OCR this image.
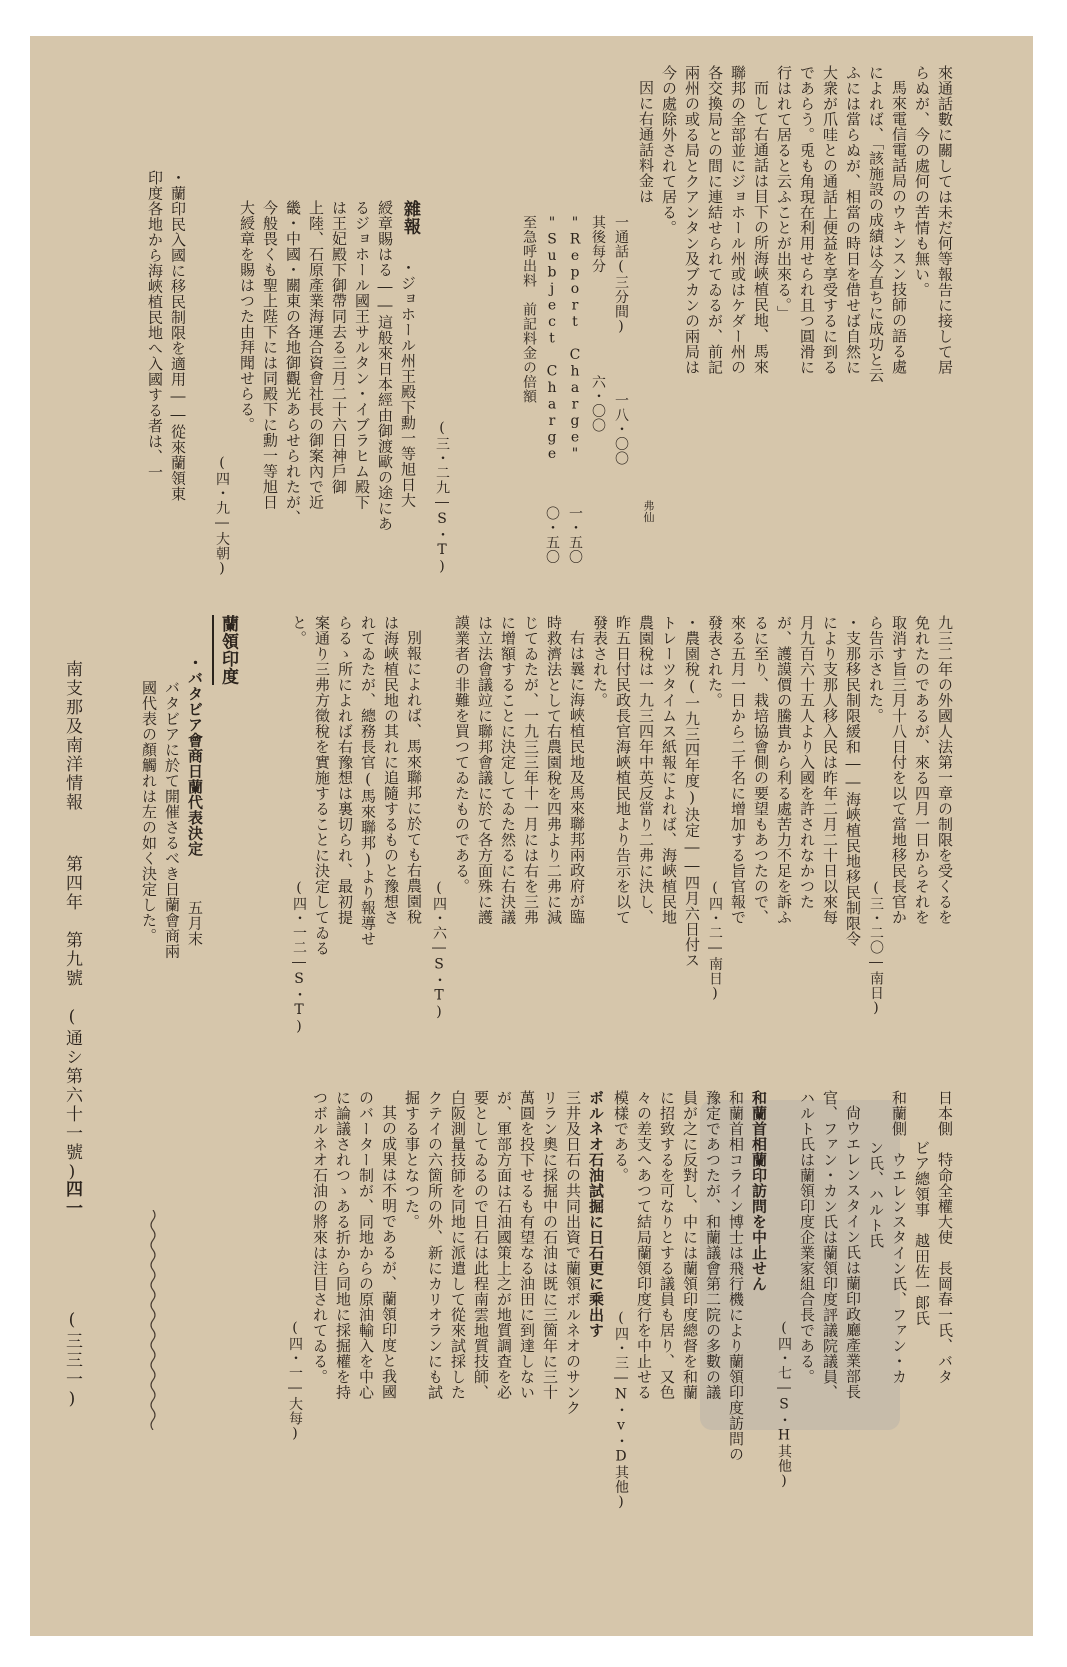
南支那及南洋情報
第四年　第九號　(通シ第六十一號)
四一
(三三一)
來通話數に關しては未だ何等報告に接して居
らぬが、今の處何の苦情も無い。
馬來電信電話局のウキンスン技師の語る處
によれば、「該施設の成績は今直ちに成功と云
ふには當らぬが、相當の時日を借せば自然に
大衆が爪哇との通話上便益を享受するに到る
であらう。兎も角現在利用せられ且つ圓滑に
行はれて居ると云ふことが出來る。」
而して右通話は目下の所海峽植民地、馬來
聯邦の全部並にジョホール州或はケダー州の
各交換局との間に連結せられてゐるが、前記
兩州の或る局とクアンタン及ブカンの兩局は
今の處除外されて居る。
因に右通話料金は
一通話(三分間)　　　　一八・〇〇
其後每分　　　　　　　六・〇〇
"Report Charge"　　　一・五〇
"Subject Charge　　　〇・五〇
至急呼出料　前記料金の倍額
弗仙
(三・二九―S・T)
雜報
・ジョホール州王殿下勳一等旭日大
綬章賜はる――這般來日本經由御渡歐の途にあ
るジョホール國王サルタン・イブラヒム殿下
は王妃殿下御帶同去る三月二十六日神戶御
上陸、石原產業海運合資會社長の御案內で近
畿・中國・關東の各地御觀光あらせられたが、
今般畏くも聖上陛下には同殿下に勳一等旭日
大綬章を賜はつた由拜聞せらる。
(四・九―大朝)
・蘭印民入國に移民制限を適用――從來蘭領東
印度各地から海峽植民地へ入國する者は、一
九三二年の外國人法第一章の制限を受くるを
免れたのであるが、來る四月一日からそれを
取消す旨三月十八日付を以て當地移民長官か
ら告示された。
(三・二〇―南日)
・支那移民制限緩和――海峽植民地移民制限令
により支那人移入民は昨年二月二十日以來每
月九百六十五人より入國を許されなかつた
が、護謨價の騰貴から利る處苦力不足を訴ふ
るに至り、栽培協會側の要望もあつたので、
來る五月一日から二千名に增加する旨官報で
發表された。
(四・二―南日)
・農園稅(一九三四年度)決定――四月六日付ス
トレーツタイムス紙報によれば、海峽植民地
農園稅は一九三四年中英反當り二弗に決し、
昨五日付民政長官海峽植民地より告示を以て
發表された。
右は曩に海峽植民地及馬來聯邦兩政府が臨
時救濟法として右農園稅を四弗より二弗に減
じてゐたが、一九三三年十一月には右を三弗
に增額することに決定してゐた然るに右決議
は立法會議竝に聯邦會議に於て各方面殊に護
謨業者の非難を買つてゐたものである。
(四・六―S・T)
別報によれば、馬來聯邦に於ても右農園稅
は海峽植民地の其れに追隨するものと豫想さ
れてゐたが、總務長官(馬來聯邦)より報導せ
らるゝ所によれば右豫想は裏切られ、最初提
案通り三弗方徵稅を實施することに決定してゐる
と。
(四・一二―S・T)
蘭領印度
・バタビア會商日蘭代表決定
五月末
バタビアに於て開催さるべき日蘭會商兩
國代表の顏觸れは左の如く決定した。
日本側　特命全權大使　長岡春一氏、バタ
ビア總領事　越田佐一郞氏
和蘭側　ウエレンスタイン氏、ファン・カ
ン氏、ハルト氏
尙ウエレンスタイン氏は蘭印政廳產業部長
官、ファン・カン氏は蘭領印度評議院議員、
ハルト氏は蘭領印度企業家組合長である。
(四・七―S・H其他)
和蘭首相蘭印訪問を中止せん
和蘭首相コライン博士は飛行機により蘭領印度訪問の
豫定であつたが、和蘭議會第二院の多數の議
員が之に反對し、中には蘭領印度總督を和蘭
に招致するを可なりとする議員も居り、又色
々の差支へあつて結局蘭領印度行を中止せる
模樣である。
(四・三―N・v・D其他)
ボルネオ石油試掘に日石更に乘出す
三井及日石の共同出資で蘭領ボルネオのサンク
リラン奧に採掘中の石油は既に三箇年に三十
萬圓を投下せるも有望なる油田に到達しない
が、軍部方面は石油國策上之が地質調査を必
要としてゐるので日石は此程南雲地質技師、
白阪測量技師を同地に派遣して從來試採した
クテイの六箇所の外、新にカリオランにも試
掘する事となつた。
其の成果は不明であるが、蘭領印度と我國
のバーター制が、同地からの原油輸入を中心
に論議されつゝある折から同地に採掘權を持
つボルネオ石油の將來は注目されてゐる。
(四・一―大每)
